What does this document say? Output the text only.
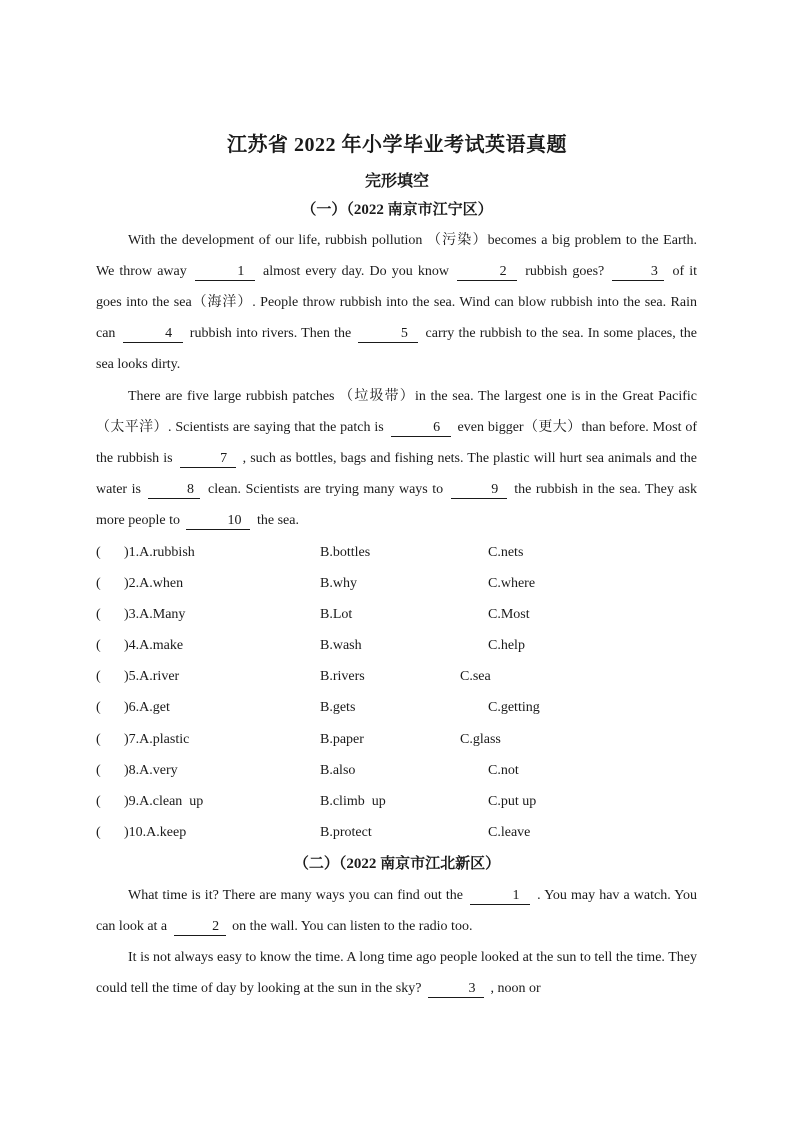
江苏省 2022 年小学毕业考试英语真题
完形填空
（一）（2022 南京市江宁区）

With the development of our life, rubbish pollution （污染）becomes a big problem to the Earth. We throw away	1 almost every day. Do you know	2 rubbish goes?	3 of it goes into the sea（海洋）. People throw rubbish into the sea. Wind can blow rubbish into the sea. Rain can	4 rubbish into rivers. Then the	5 carry the rubbish to the sea. In some places, the sea looks dirty.

There are five large rubbish patches （垃圾带）in the sea. The largest one is in the Great Pacific （太平洋）. Scientists are saying that the patch is	6 even bigger（更大）than before. Most of the rubbish is	7 , such as bottles, bags and fishing nets. The plastic will hurt sea animals and the water is	8 clean. Scientists are trying many ways to	9 the rubbish in the sea. They ask more people to	10 the sea.

( )1.A.rubbish	B.bottles	C.nets
( )2.A.when	B.why	C.where
( )3.A.Many	B.Lot	C.Most
( )4.A.make	B.wash	C.help
( )5.A.river	B.rivers	C.sea
( )6.A.get	B.gets	C.getting
( )7.A.plastic	B.paper	C.glass
( )8.A.very	B.also	C.not
( )9.A.clean  up	B.climb  up	C.put up
( )10.A.keep	B.protect	C.leave
（二）（2022 南京市江北新区）

What time is it? There are many ways you can find out the	1 . You may hav a watch. You can look at a	2 on the wall. You can listen to the radio too.

It is not always easy to know the time. A long time ago people looked at the sun to tell the time. They could tell the time of day by looking at the sun in the sky?	3 , noon or
